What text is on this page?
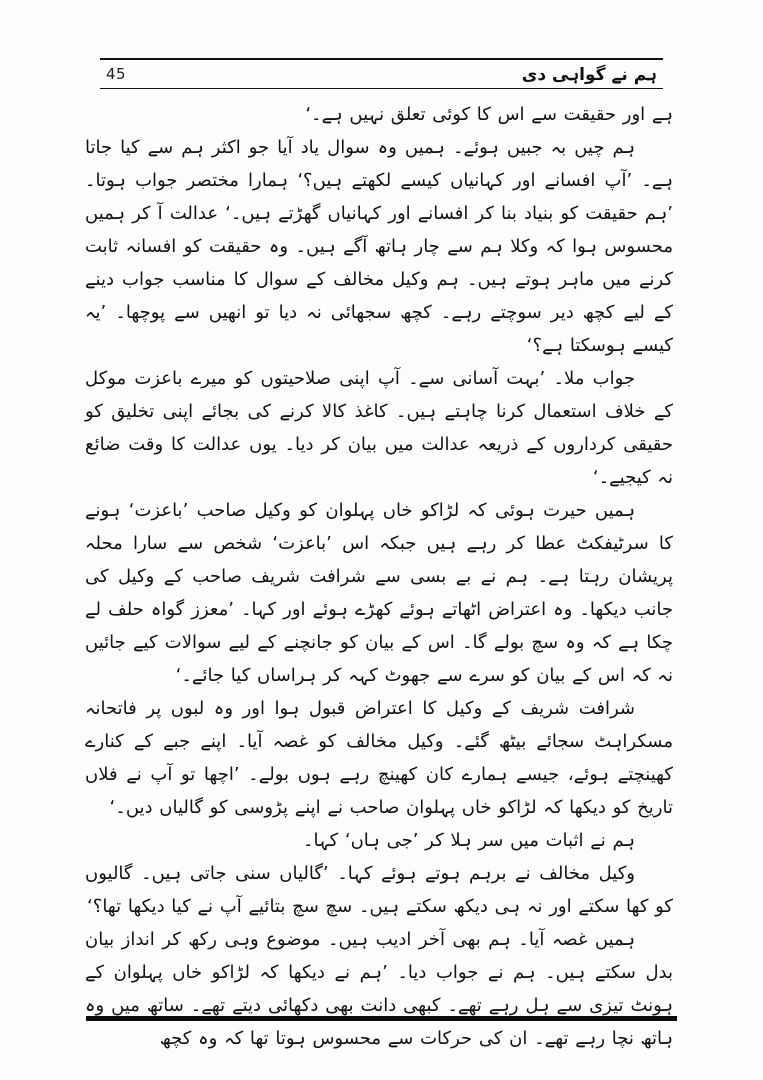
45	ہم نے گواہی دی

ہے اور حقیقت سے اس کا کوئی تعلق نہیں ہے۔‘

ہم چیں بہ جبیں ہوئے۔ ہمیں وہ سوال یاد آیا جو اکثر ہم سے کیا جاتا ہے۔ ’آپ افسانے اور کہانیاں کیسے لکھتے ہیں؟‘ ہمارا مختصر جواب ہوتا۔ ’ہم حقیقت کو بنیاد بنا کر افسانے اور کہانیاں گھڑتے ہیں۔‘ عدالت آ کر ہمیں محسوس ہوا کہ وکلا ہم سے چار ہاتھ آگے ہیں۔ وہ حقیقت کو افسانہ ثابت کرنے میں ماہر ہوتے ہیں۔ ہم وکیل مخالف کے سوال کا مناسب جواب دینے کے لیے کچھ دیر سوچتے رہے۔ کچھ سجھائی نہ دیا تو انھیں سے پوچھا۔ ’یہ کیسے ہوسکتا ہے؟‘

جواب ملا۔ ’بہت آسانی سے۔ آپ اپنی صلاحیتوں کو میرے باعزت موکل کے خلاف استعمال کرنا چاہتے ہیں۔ کاغذ کالا کرنے کی بجائے اپنی تخلیق کو حقیقی کرداروں کے ذریعہ عدالت میں بیان کر دیا۔ یوں عدالت کا وقت ضائع نہ کیجیے۔‘

ہمیں حیرت ہوئی کہ لڑاکو خاں پہلوان کو وکیل صاحب ’باعزت‘ ہونے کا سرٹیفکٹ عطا کر رہے ہیں جبکہ اس ’باعزت‘ شخص سے سارا محلہ پریشان رہتا ہے۔ ہم نے بے بسی سے شرافت شریف صاحب کے وکیل کی جانب دیکھا۔ وہ اعتراض اٹھاتے ہوئے کھڑے ہوئے اور کہا۔ ’معزز گواہ حلف لے چکا ہے کہ وہ سچ بولے گا۔ اس کے بیان کو جانچنے کے لیے سوالات کیے جائیں نہ کہ اس کے بیان کو سرے سے جھوٹ کہہ کر ہراساں کیا جائے۔‘

شرافت شریف کے وکیل کا اعتراض قبول ہوا اور وہ لبوں پر فاتحانہ مسکراہٹ سجائے بیٹھ گئے۔ وکیل مخالف کو غصہ آیا۔ اپنے جبے کے کنارے کھینچتے ہوئے، جیسے ہمارے کان کھینچ رہے ہوں بولے۔ ’اچھا تو آپ نے فلاں تاریخ کو دیکھا کہ لڑاکو خاں پہلوان صاحب نے اپنے پڑوسی کو گالیاں دیں۔‘

ہم نے اثبات میں سر ہلا کر ’جی ہاں‘ کہا۔

وکیل مخالف نے برہم ہوتے ہوئے کہا۔ ’گالیاں سنی جاتی ہیں۔ گالیوں کو کھا سکتے اور نہ ہی دیکھ سکتے ہیں۔ سچ سچ بتائیے آپ نے کیا دیکھا تھا؟‘

ہمیں غصہ آیا۔ ہم بھی آخر ادیب ہیں۔ موضوع وہی رکھ کر انداز بیان بدل سکتے ہیں۔ ہم نے جواب دیا۔ ’ہم نے دیکھا کہ لڑاکو خاں پہلوان کے ہونٹ تیزی سے ہل رہے تھے۔ کبھی دانت بھی دکھائی دیتے تھے۔ ساتھ میں وہ ہاتھ نچا رہے تھے۔ ان کی حرکات سے محسوس ہوتا تھا کہ وہ کچھ
